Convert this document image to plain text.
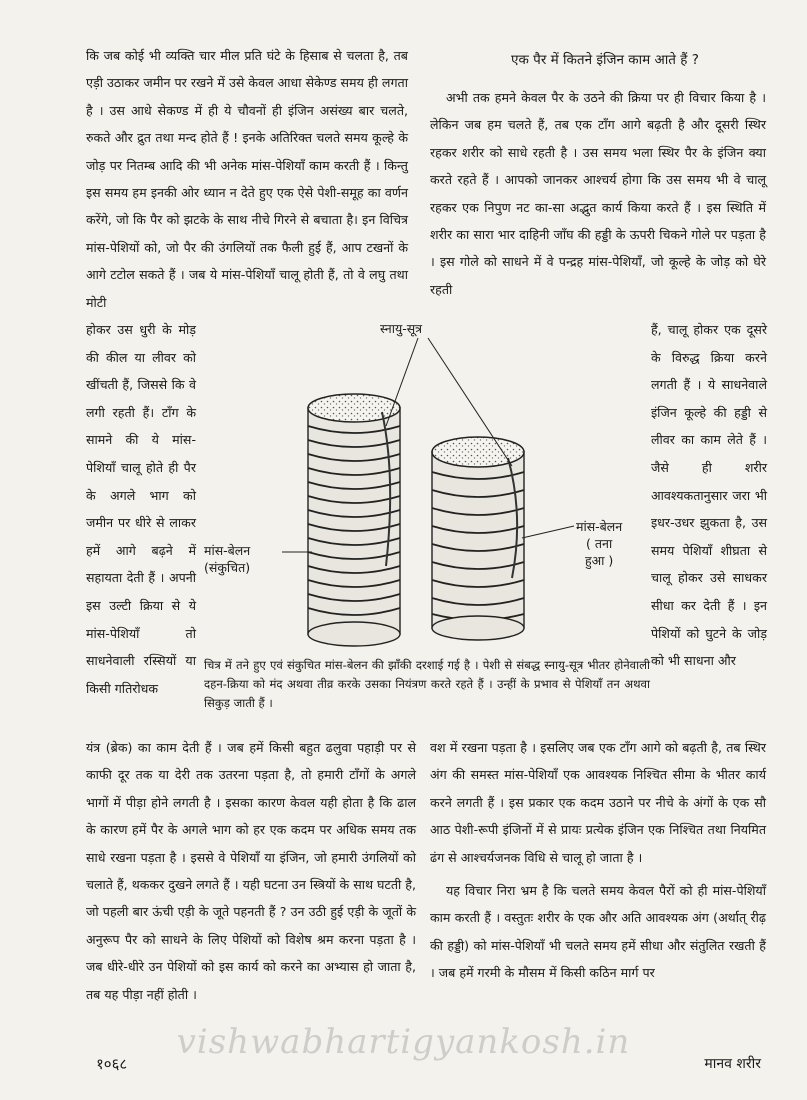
कि जब कोई भी व्यक्ति चार मील प्रति घंटे के हिसाब से चलता है, तब एड़ी उठाकर जमीन पर रखने में उसे केवल आधा सेकेण्ड समय ही लगता है । उस आधे सेकण्ड में ही ये चौवनों ही इंजिन असंख्य बार चलते, रुकते और द्रुत तथा मन्द होते हैं ! इनके अतिरिक्त चलते समय कूल्हे के जोड़ पर नितम्ब आदि की भी अनेक मांस-पेशियाँ काम करती हैं । किन्तु इस समय हम इनकी ओर ध्यान न देते हुए एक ऐसे पेशी-समूह का वर्णन करेंगे, जो कि पैर को झटके के साथ नीचे गिरने से बचाता है। इन विचित्र मांस-पेशियों को, जो पैर की उंगलियों तक फैली हुई हैं, आप टखनों के आगे टटोल सकते हैं । जब ये मांस-पेशियाँ चालू होती हैं, तो वे लघु तथा मोटी

होकर उस धुरी के मोड़ की कील या लीवर को खींचती हैं, जिससे कि वे लगी रहती हैं। टाँग के सामने की ये मांस-पेशियाँ चालू होते ही पैर के अगले भाग को जमीन पर धीरे से लाकर हमें आगे बढ़ने में सहायता देती हैं । अपनी इस उल्टी क्रिया से ये मांस-पेशियाँ तो साधनेवाली रस्सियों या किसी गतिरोधक

यंत्र (ब्रेक) का काम देती हैं । जब हमें किसी बहुत ढलुवा पहाड़ी पर से काफी दूर तक या देरी तक उतरना पड़ता है, तो हमारी टाँगों के अगले भागों में पीड़ा होने लगती है । इसका कारण केवल यही होता है कि ढाल के कारण हमें पैर के अगले भाग को हर एक कदम पर अधिक समय तक साधे रखना पड़ता है । इससे वे पेशियाँ या इंजिन, जो हमारी उंगलियों को चलाते हैं, थककर दुखने लगते हैं । यही घटना उन स्त्रियों के साथ घटती है, जो पहली बार ऊंची एड़ी के जूते पहनती हैं ? उन उठी हुई एड़ी के जूतों के अनुरूप पैर को साधने के लिए पेशियों को विशेष श्रम करना पड़ता है । जब धीरे-धीरे उन पेशियों को इस कार्य को करने का अभ्यास हो जाता है, तब यह पीड़ा नहीं होती ।

एक पैर में कितने इंजिन काम आते हैं ?

अभी तक हमने केवल पैर के उठने की क्रिया पर ही विचार किया है । लेकिन जब हम चलते हैं, तब एक टाँग आगे बढ़ती है और दूसरी स्थिर रहकर शरीर को साधे रहती है । उस समय भला स्थिर पैर के इंजिन क्या करते रहते हैं । आपको जानकर आश्चर्य होगा कि उस समय भी वे चालू रहकर एक निपुण नट का-सा अद्भुत कार्य किया करते हैं । इस स्थिति में शरीर का सारा भार दाहिनी जाँघ की हड्डी के ऊपरी चिकने गोले पर पड़ता है । इस गोले को साधने में वे पन्द्रह मांस-पेशियाँ, जो कूल्हे के जोड़ को घेरे रहती

हैं, चालू होकर एक दूसरे के विरुद्ध क्रिया करने लगती हैं । ये साधनेवाले इंजिन कूल्हे की हड्डी से लीवर का काम लेते हैं । जैसे ही शरीर आवश्यकतानुसार जरा भी इधर-उधर झुकता है, उस समय पेशियाँ शीघ्रता से चालू होकर उसे साधकर सीधा कर देती हैं । इन पेशियों को घुटने के जोड़ को भी साधना और

वश में रखना पड़ता है । इसलिए जब एक टाँग आगे को बढ़ती है, तब स्थिर अंग की समस्त मांस-पेशियाँ एक आवश्यक निश्चित सीमा के भीतर कार्य करने लगती हैं । इस प्रकार एक कदम उठाने पर नीचे के अंगों के एक सौ आठ पेशी-रूपी इंजिनों में से प्रायः प्रत्येक इंजिन एक निश्चित तथा नियमित ढंग से आश्चर्यजनक विधि से चालू हो जाता है ।

यह विचार निरा भ्रम है कि चलते समय केवल पैरों को ही मांस-पेशियाँ काम करती हैं । वस्तुतः शरीर के एक और अति आवश्यक अंग (अर्थात् रीढ़ की हड्डी) को मांस-पेशियाँ भी चलते समय हमें सीधा और संतुलित रखती हैं । जब हमें गरमी के मौसम में किसी कठिन मार्ग पर

स्नायु-सूत्र
मांस-बेलन
(संकुचित)
मांस-बेलन
( तना
हुआ )
चित्र में तने हुए एवं संकुचित मांस-बेलन की झाँकी दरशाई गई है । पेशी से संबद्ध स्नायु-सूत्र भीतर होनेवाली दहन-क्रिया को मंद अथवा तीव्र करके उसका नियंत्रण करते रहते हैं । उन्हीं के प्रभाव से पेशियाँ तन अथवा सिकुड़ जाती हैं ।
vishwabhartigyankosh.in
१०६८	मानव शरीर
